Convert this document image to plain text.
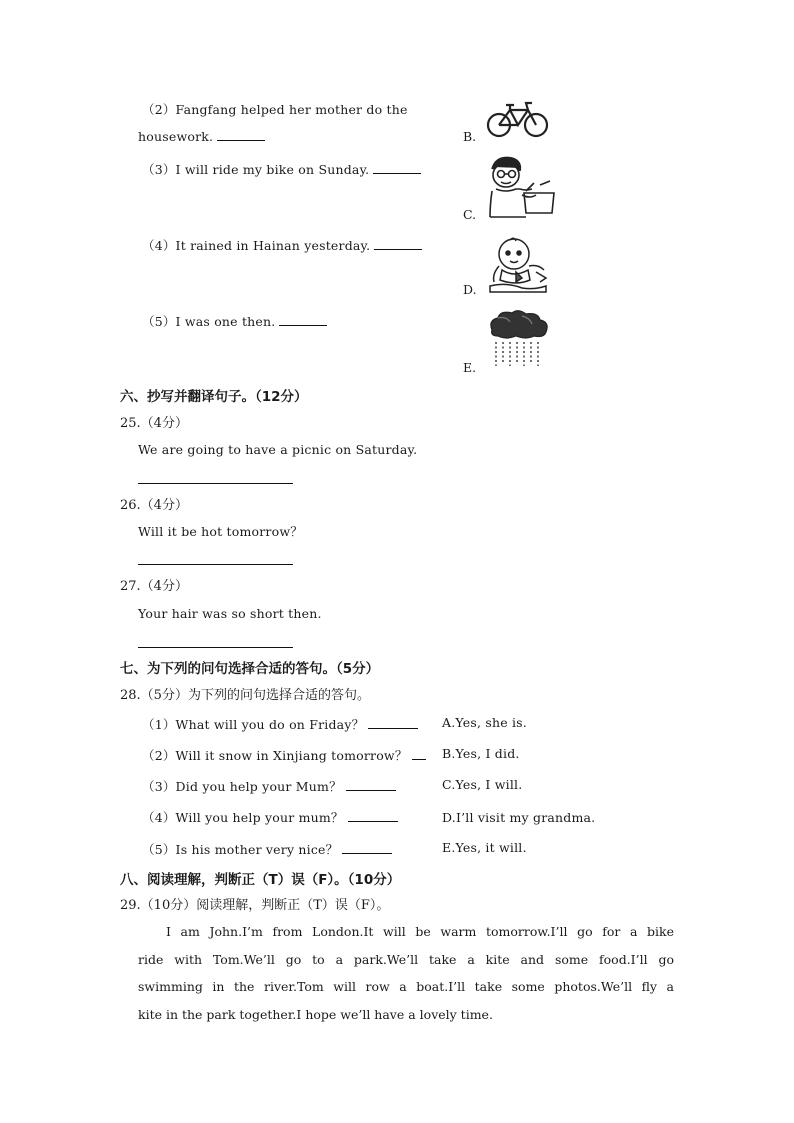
（2）Fangfang helped her mother do the
housework.	B.
（3）I will ride my bike on Sunday.
C.
（4）It rained in Hainan yesterday.
D.
（5）I was one then.
E.
六、抄写并翻译句子。（12分）
25.（4分）
We are going to have a picnic on Saturday.
26.（4分）
Will it be hot tomorrow？
27.（4分）
Your hair was so short then.
七、为下列的问句选择合适的答句。（5分）
28.（5分）为下列的问句选择合适的答句。
（1）What will you do on Friday？	A.Yes, she is.
（2）Will it snow in Xinjiang tomorrow？	B.Yes, I did.
（3）Did you help your Mum？	C.Yes, I will.
（4）Will you help your mum？	D.I’ll visit my grandma.
（5）Is his mother very nice？	E.Yes, it will.
八、阅读理解，判断正（T）误（F）。（10分）
29.（10分）阅读理解，判断正（T）误（F）。
I am John.I’m from London.It will be warm tomorrow.I’ll go for a bike
ride with Tom.We’ll go to a park.We’ll take a kite and some food.I’ll go
swimming in the river.Tom will row a boat.I’ll take some photos.We’ll fly a
kite in the park together.I hope we’ll have a lovely time.
